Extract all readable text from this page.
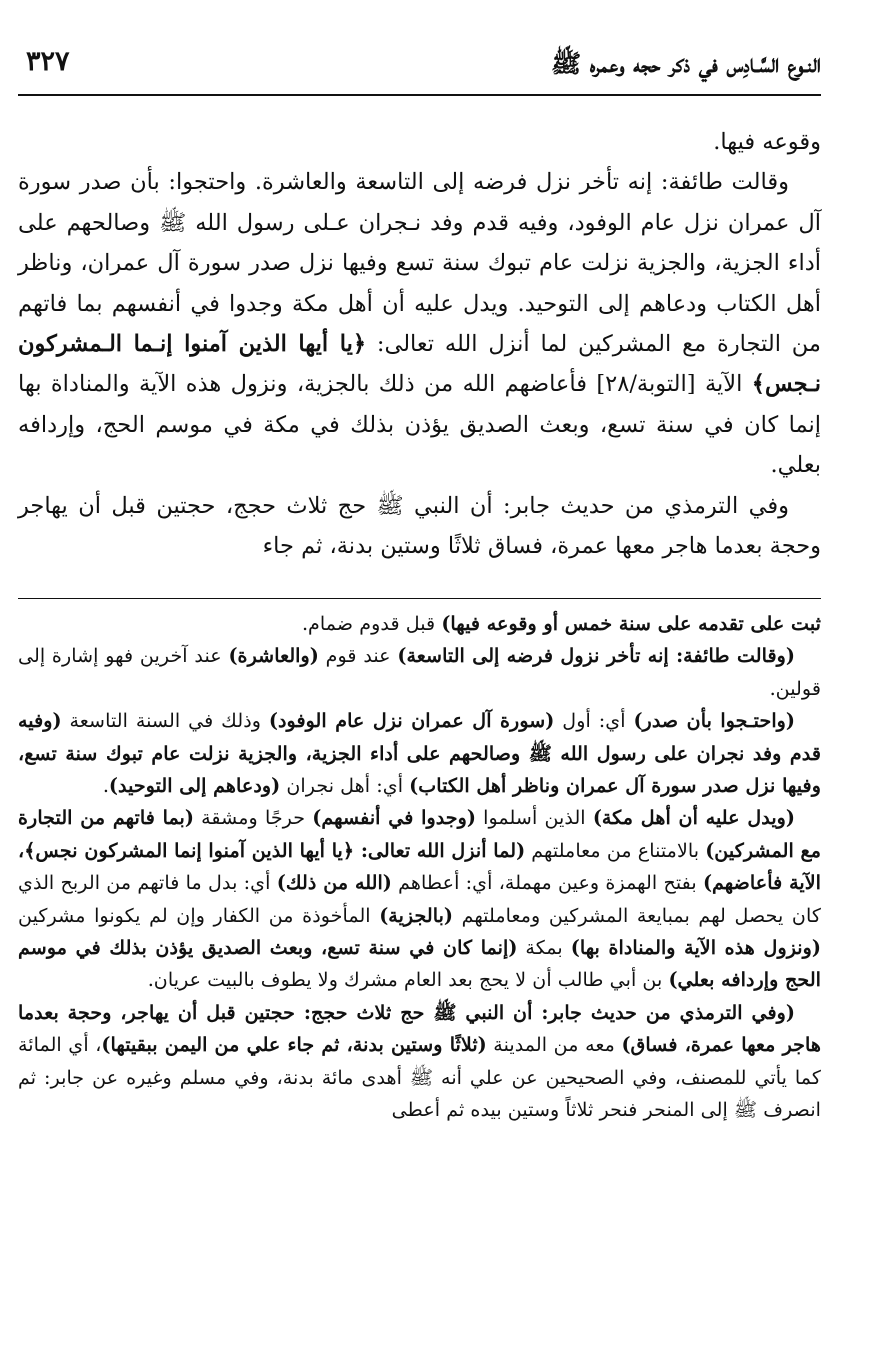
النـوع السَّـادِس في ذكر حجه وعمره ﷺ
٣٢٧

وقوعه فيها.

وقالت طائفة: إنه تأخر نزل فرضه إلى التاسعة والعاشرة. واحتجوا: بأن صدر سورة آل عمران نزل عام الوفود، وفيه قدم وفد نـجران عـلى رسول الله ﷺ وصالحهم على أداء الجزية، والجزية نزلت عام تبوك سنة تسع وفيها نزل صدر سورة آل عمران، وناظر أهل الكتاب ودعاهم إلى التوحيد. ويدل عليه أن أهل مكة وجدوا في أنفسهم بما فاتهم من التجارة مع المشركين لما أنزل الله تعالى: ﴿يا أيها الذين آمنوا إنـما الـمشركون نـجس﴾ الآية [التوبة/٢٨] فأعاضهم الله من ذلك بالجزية، ونزول هذه الآية والمناداة بها إنما كان في سنة تسع، وبعث الصديق يؤذن بذلك في مكة في موسم الحج، وإردافه بعلي.

وفي الترمذي من حديث جابر: أن النبي ﷺ حج ثلاث حجج، حجتين قبل أن يهاجر وحجة بعدما هاجر معها عمرة، فساق ثلاثًا وستين بدنة، ثم جاء

ثبت على تقدمه على سنة خمس أو وقوعه فيها) قبل قدوم ضمام.

(وقالت طائفة: إنه تأخر نزول فرضه إلى التاسعة) عند قوم (والعاشرة) عند آخرين فهو إشارة إلى قولين.

(واحتـجوا بأن صدر) أي: أول (سورة آل عمران نزل عام الوفود) وذلك في السنة التاسعة (وفيه قدم وفد نجران على رسول الله ﷺ وصالحهم على أداء الجزية، والجزية نزلت عام تبوك سنة تسع، وفيها نزل صدر سورة آل عمران وناظر أهل الكتاب) أي: أهل نجران (ودعاهم إلى التوحيد).

(ويدل عليه أن أهل مكة) الذين أسلموا (وجدوا في أنفسهم) حرجًا ومشقة (بما فاتهم من التجارة مع المشركين) بالامتناع من معاملتهم (لما أنزل الله تعالى: ﴿يا أيها الذين آمنوا إنما المشركون نجس﴾، الآية فأعاضهم) بفتح الهمزة وعين مهملة، أي: أعطاهم (الله من ذلك) أي: بدل ما فاتهم من الربح الذي كان يحصل لهم بمبايعة المشركين ومعاملتهم (بالجزية) المأخوذة من الكفار وإن لم يكونوا مشركين (ونزول هذه الآية والمناداة بها) بمكة (إنما كان في سنة تسع، وبعث الصديق يؤذن بذلك في موسم الحج وإردافه بعلي) بن أبي طالب أن لا يحج بعد العام مشرك ولا يطوف بالبيت عريان.

(وفي الترمذي من حديث جابر: أن النبي ﷺ حج ثلاث حجج: حجتين قبل أن يهاجر، وحجة بعدما هاجر معها عمرة، فساق) معه من المدينة (ثلاثًا وستين بدنة، ثم جاء علي من اليمن ببقيتها)، أي المائة كما يأتي للمصنف، وفي الصحيحين عن علي أنه ﷺ أهدى مائة بدنة، وفي مسلم وغيره عن جابر: ثم انصرف ﷺ إلى المنحر فنحر ثلاثاً وستين بيده ثم أعطى
